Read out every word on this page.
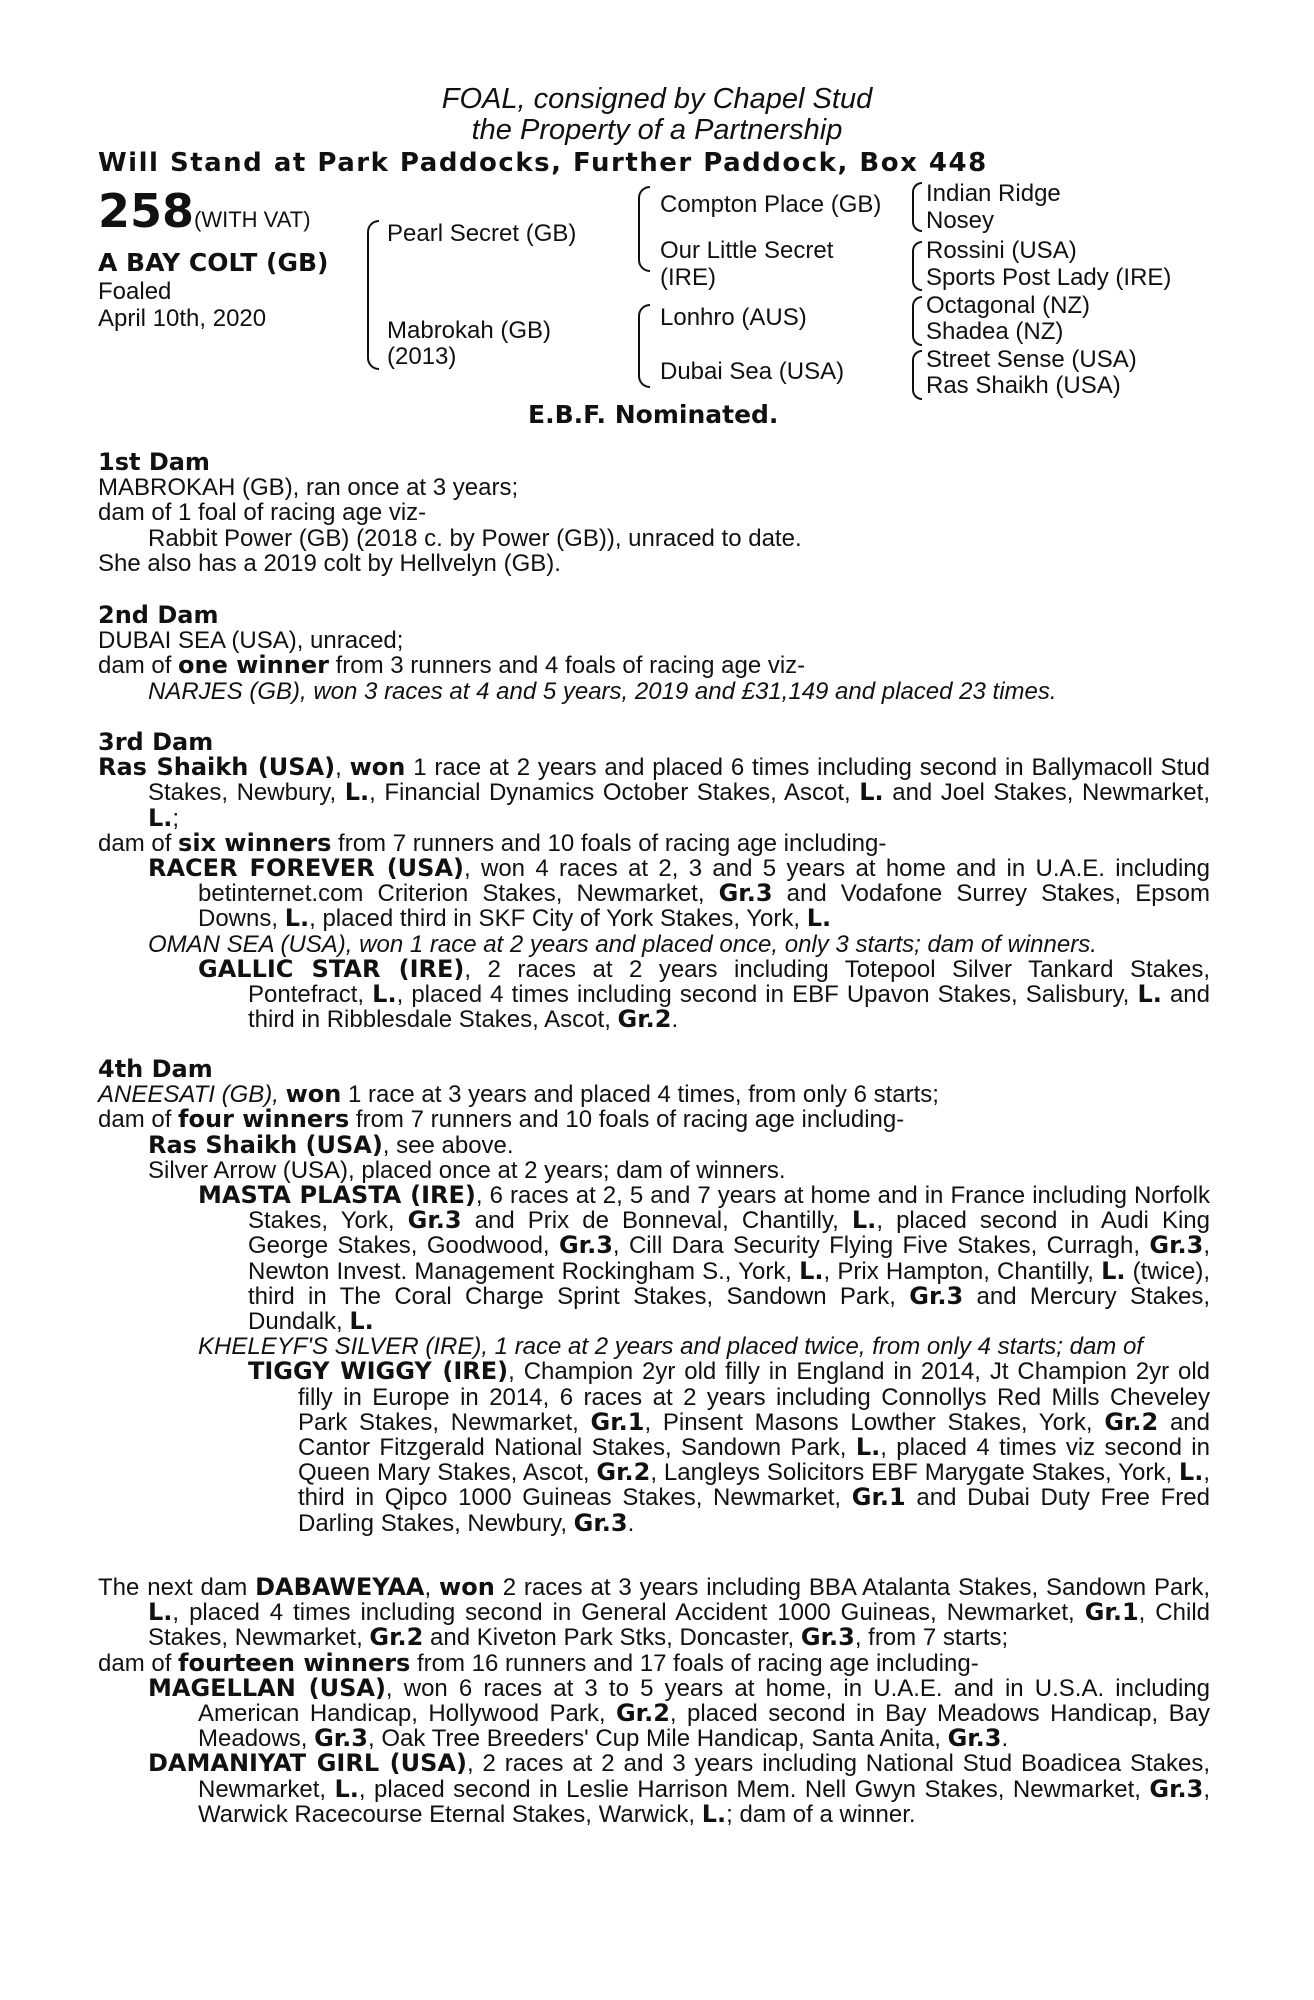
FOAL, consigned by Chapel Stud
the Property of a Partnership
Will Stand at Park Paddocks, Further Paddock, Box 448
258(WITH VAT)
A BAY COLT (GB)
Foaled
April 10th, 2020
Pearl Secret (GB)
Mabrokah (GB)
(2013)
Compton Place (GB)
Our Little Secret
(IRE)
Lonhro (AUS)
Dubai Sea (USA)
Indian Ridge
Nosey
Rossini (USA)
Sports Post Lady (IRE)
Octagonal (NZ)
Shadea (NZ)
Street Sense (USA)
Ras Shaikh (USA)
E.B.F. Nominated.
1st Dam

MABROKAH (GB), ran once at 3 years;

dam of 1 foal of racing age viz-

Rabbit Power (GB) (2018 c. by Power (GB)), unraced to date.

She also has a 2019 colt by Hellvelyn (GB).

2nd Dam

DUBAI SEA (USA), unraced;

dam of one winner from 3 runners and 4 foals of racing age viz-

NARJES (GB), won 3 races at 4 and 5 years, 2019 and £31,149 and placed 23 times.

3rd Dam

Ras Shaikh (USA), won 1 race at 2 years and placed 6 times including second in Ballymacoll Stud Stakes, Newbury, L., Financial Dynamics October Stakes, Ascot, L. and Joel Stakes, Newmarket, L.;

dam of six winners from 7 runners and 10 foals of racing age including-

RACER FOREVER (USA), won 4 races at 2, 3 and 5 years at home and in U.A.E. including betinternet.com Criterion Stakes, Newmarket, Gr.3 and Vodafone Surrey Stakes, Epsom Downs, L., placed third in SKF City of York Stakes, York, L.

OMAN SEA (USA), won 1 race at 2 years and placed once, only 3 starts; dam of winners.

GALLIC STAR (IRE), 2 races at 2 years including Totepool Silver Tankard Stakes, Pontefract, L., placed 4 times including second in EBF Upavon Stakes, Salisbury, L. and third in Ribblesdale Stakes, Ascot, Gr.2.

4th Dam

ANEESATI (GB), won 1 race at 3 years and placed 4 times, from only 6 starts;

dam of four winners from 7 runners and 10 foals of racing age including-

Ras Shaikh (USA), see above.

Silver Arrow (USA), placed once at 2 years; dam of winners.

MASTA PLASTA (IRE), 6 races at 2, 5 and 7 years at home and in France including Norfolk Stakes, York, Gr.3 and Prix de Bonneval, Chantilly, L., placed second in Audi King George Stakes, Goodwood, Gr.3, Cill Dara Security Flying Five Stakes, Curragh, Gr.3, Newton Invest. Management Rockingham S., York, L., Prix Hampton, Chantilly, L. (twice), third in The Coral Charge Sprint Stakes, Sandown Park, Gr.3 and Mercury Stakes, Dundalk, L.

KHELEYF'S SILVER (IRE), 1 race at 2 years and placed twice, from only 4 starts; dam of

TIGGY WIGGY (IRE), Champion 2yr old filly in England in 2014, Jt Champion 2yr old filly in Europe in 2014, 6 races at 2 years including Connollys Red Mills Cheveley Park Stakes, Newmarket, Gr.1, Pinsent Masons Lowther Stakes, York, Gr.2 and Cantor Fitzgerald National Stakes, Sandown Park, L., placed 4 times viz second in Queen Mary Stakes, Ascot, Gr.2, Langleys Solicitors EBF Marygate Stakes, York, L., third in Qipco 1000 Guineas Stakes, Newmarket, Gr.1 and Dubai Duty Free Fred Darling Stakes, Newbury, Gr.3.

The next dam DABAWEYAA, won 2 races at 3 years including BBA Atalanta Stakes, Sandown Park, L., placed 4 times including second in General Accident 1000 Guineas, Newmarket, Gr.1, Child Stakes, Newmarket, Gr.2 and Kiveton Park Stks, Doncaster, Gr.3, from 7 starts;

dam of fourteen winners from 16 runners and 17 foals of racing age including-

MAGELLAN (USA), won 6 races at 3 to 5 years at home, in U.A.E. and in U.S.A. including American Handicap, Hollywood Park, Gr.2, placed second in Bay Meadows Handicap, Bay Meadows, Gr.3, Oak Tree Breeders' Cup Mile Handicap, Santa Anita, Gr.3.

DAMANIYAT GIRL (USA), 2 races at 2 and 3 years including National Stud Boadicea Stakes, Newmarket, L., placed second in Leslie Harrison Mem. Nell Gwyn Stakes, Newmarket, Gr.3, Warwick Racecourse Eternal Stakes, Warwick, L.; dam of a winner.
